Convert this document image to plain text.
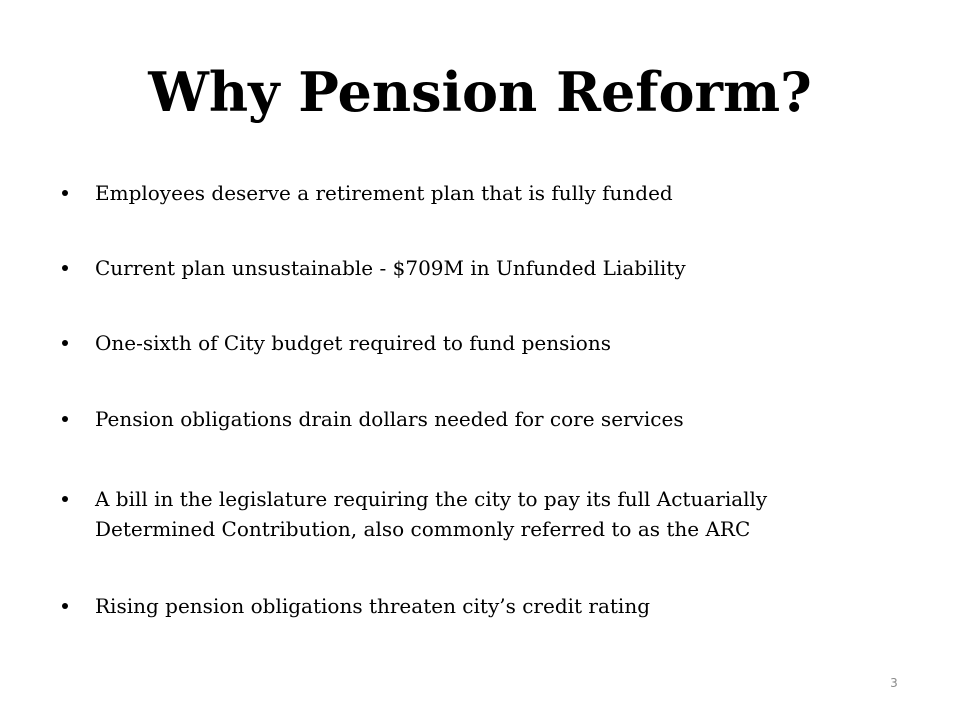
Why Pension Reform?
Employees deserve a retirement plan that is fully funded
Current plan unsustainable - $709M in Unfunded Liability
One-sixth of City budget required to fund pensions
Pension obligations drain dollars needed for core services
A bill in the legislature requiring the city to pay its full Actuarially
Determined Contribution, also commonly referred to as the ARC
Rising pension obligations threaten city’s credit rating
3
